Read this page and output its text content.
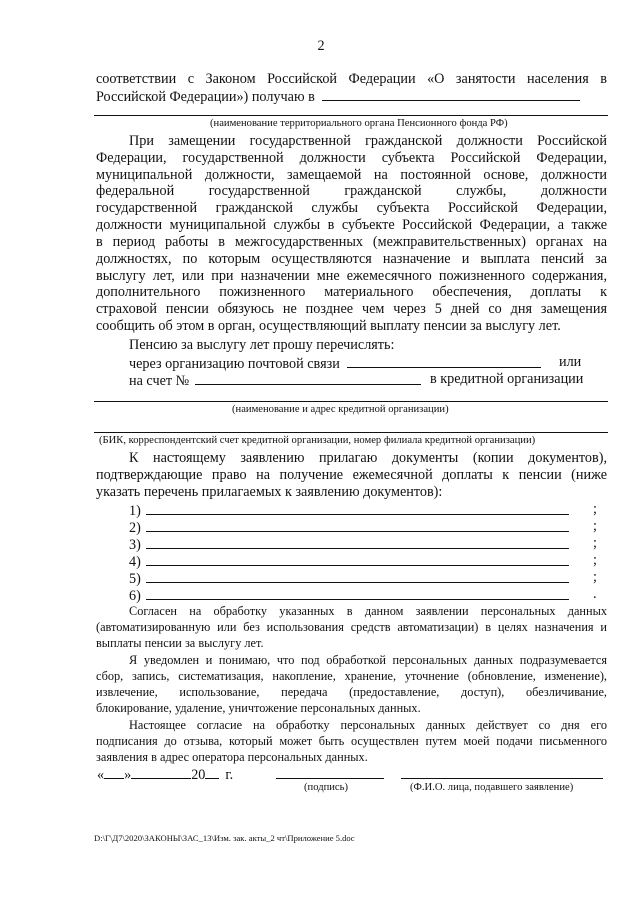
2
соответствии с Законом Российской Федерации «О занятости населения в
Российской Федерации») получаю в
(наименование территориального органа Пенсионного фонда РФ)
При замещении государственной гражданской должности Российской
Федерации, государственной должности субъекта Российской Федерации,
муниципальной должности, замещаемой на постоянной основе, должности
федеральной государственной гражданской службы, должности
государственной гражданской службы субъекта Российской Федерации,
должности муниципальной службы в субъекте Российской Федерации, а также
в период работы в межгосударственных (межправительственных) органах на
должностях, по которым осуществляются назначение и выплата пенсий за
выслугу лет, или при назначении мне ежемесячного пожизненного содержания,
дополнительного пожизненного материального обеспечения, доплаты к
страховой пенсии обязуюсь не позднее чем через 5 дней со дня замещения
сообщить об этом в орган, осуществляющий выплату пенсии за выслугу лет.
Пенсию за выслугу лет прошу перечислять:
через организацию почтовой связи	или
на счет №	в кредитной организации
(наименование и адрес кредитной организации)
(БИК, корреспондентский счет кредитной организации, номер филиала кредитной организации)
К настоящему заявлению прилагаю документы (копии документов),
подтверждающие право на получение ежемесячной доплаты к пенсии (ниже
указать перечень прилагаемых к заявлению документов):
1)	;
2)	;
3)	;
4)	;
5)	;
6)	.
Согласен на обработку указанных в данном заявлении персональных данных
(автоматизированную или без использования средств автоматизации) в целях назначения и
выплаты пенсии за выслугу лет.
Я уведомлен и понимаю, что под обработкой персональных данных подразумевается
сбор, запись, систематизация, накопление, хранение, уточнение (обновление, изменение),
извлечение, использование, передача (предоставление, доступ), обезличивание,
блокирование, удаление, уничтожение персональных данных.
Настоящее согласие на обработку персональных данных действует со дня его
подписания до отзыва, который может быть осуществлен путем моей подачи письменного
заявления в адрес оператора персональных данных.
« »	20 г.
(подпись)	(Ф.И.О. лица, подавшего заявление)
D:\Г\Д7\2020\ЗАКОНЫ\ЗАС_13\Изм. зак. акты_2 чт\Приложение 5.doc
